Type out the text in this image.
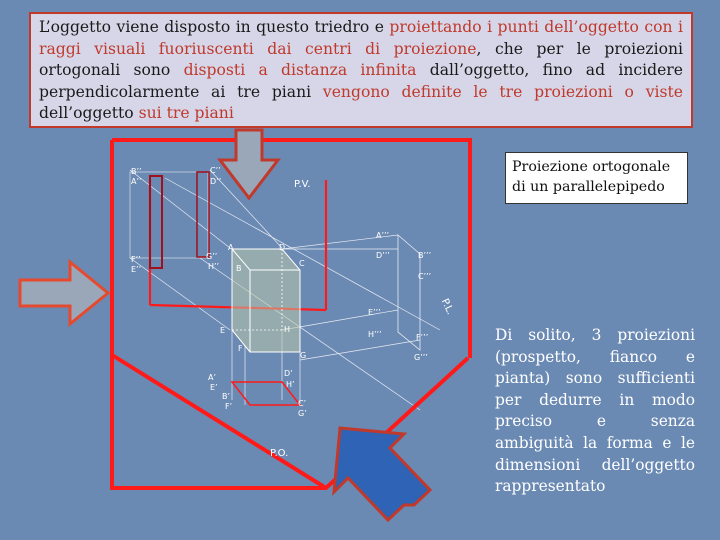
L’oggetto viene disposto in questo triedro e proiettando i punti dell’oggetto con i raggi visuali fuoriuscenti dai centri di proiezione, che per le proiezioni ortogonali sono disposti a distanza infinita dall’oggetto, fino ad incidere perpendicolarmente ai tre piani vengono definite le tre proiezioni o viste dell’oggetto sui tre piani
P.V.
P.L.
P.O.
B’’
A’’
C’’
D’’
F’’
E’’
G’’
H’’
A	D
B
C
E	H
F
G
A’’’
D’’’	B’’’
C’’’
E’’’
H’’’	F’’’
G’’’
A’
E’
B’
F’
D’
H’
C’
G’
Proiezione ortogonale
di un parallelepipedo
Di solito, 3 proiezioni (prospetto, fianco e pianta) sono sufficienti per dedurre in modo preciso e senza ambiguità la forma e le dimensioni dell’oggetto rappresentato
